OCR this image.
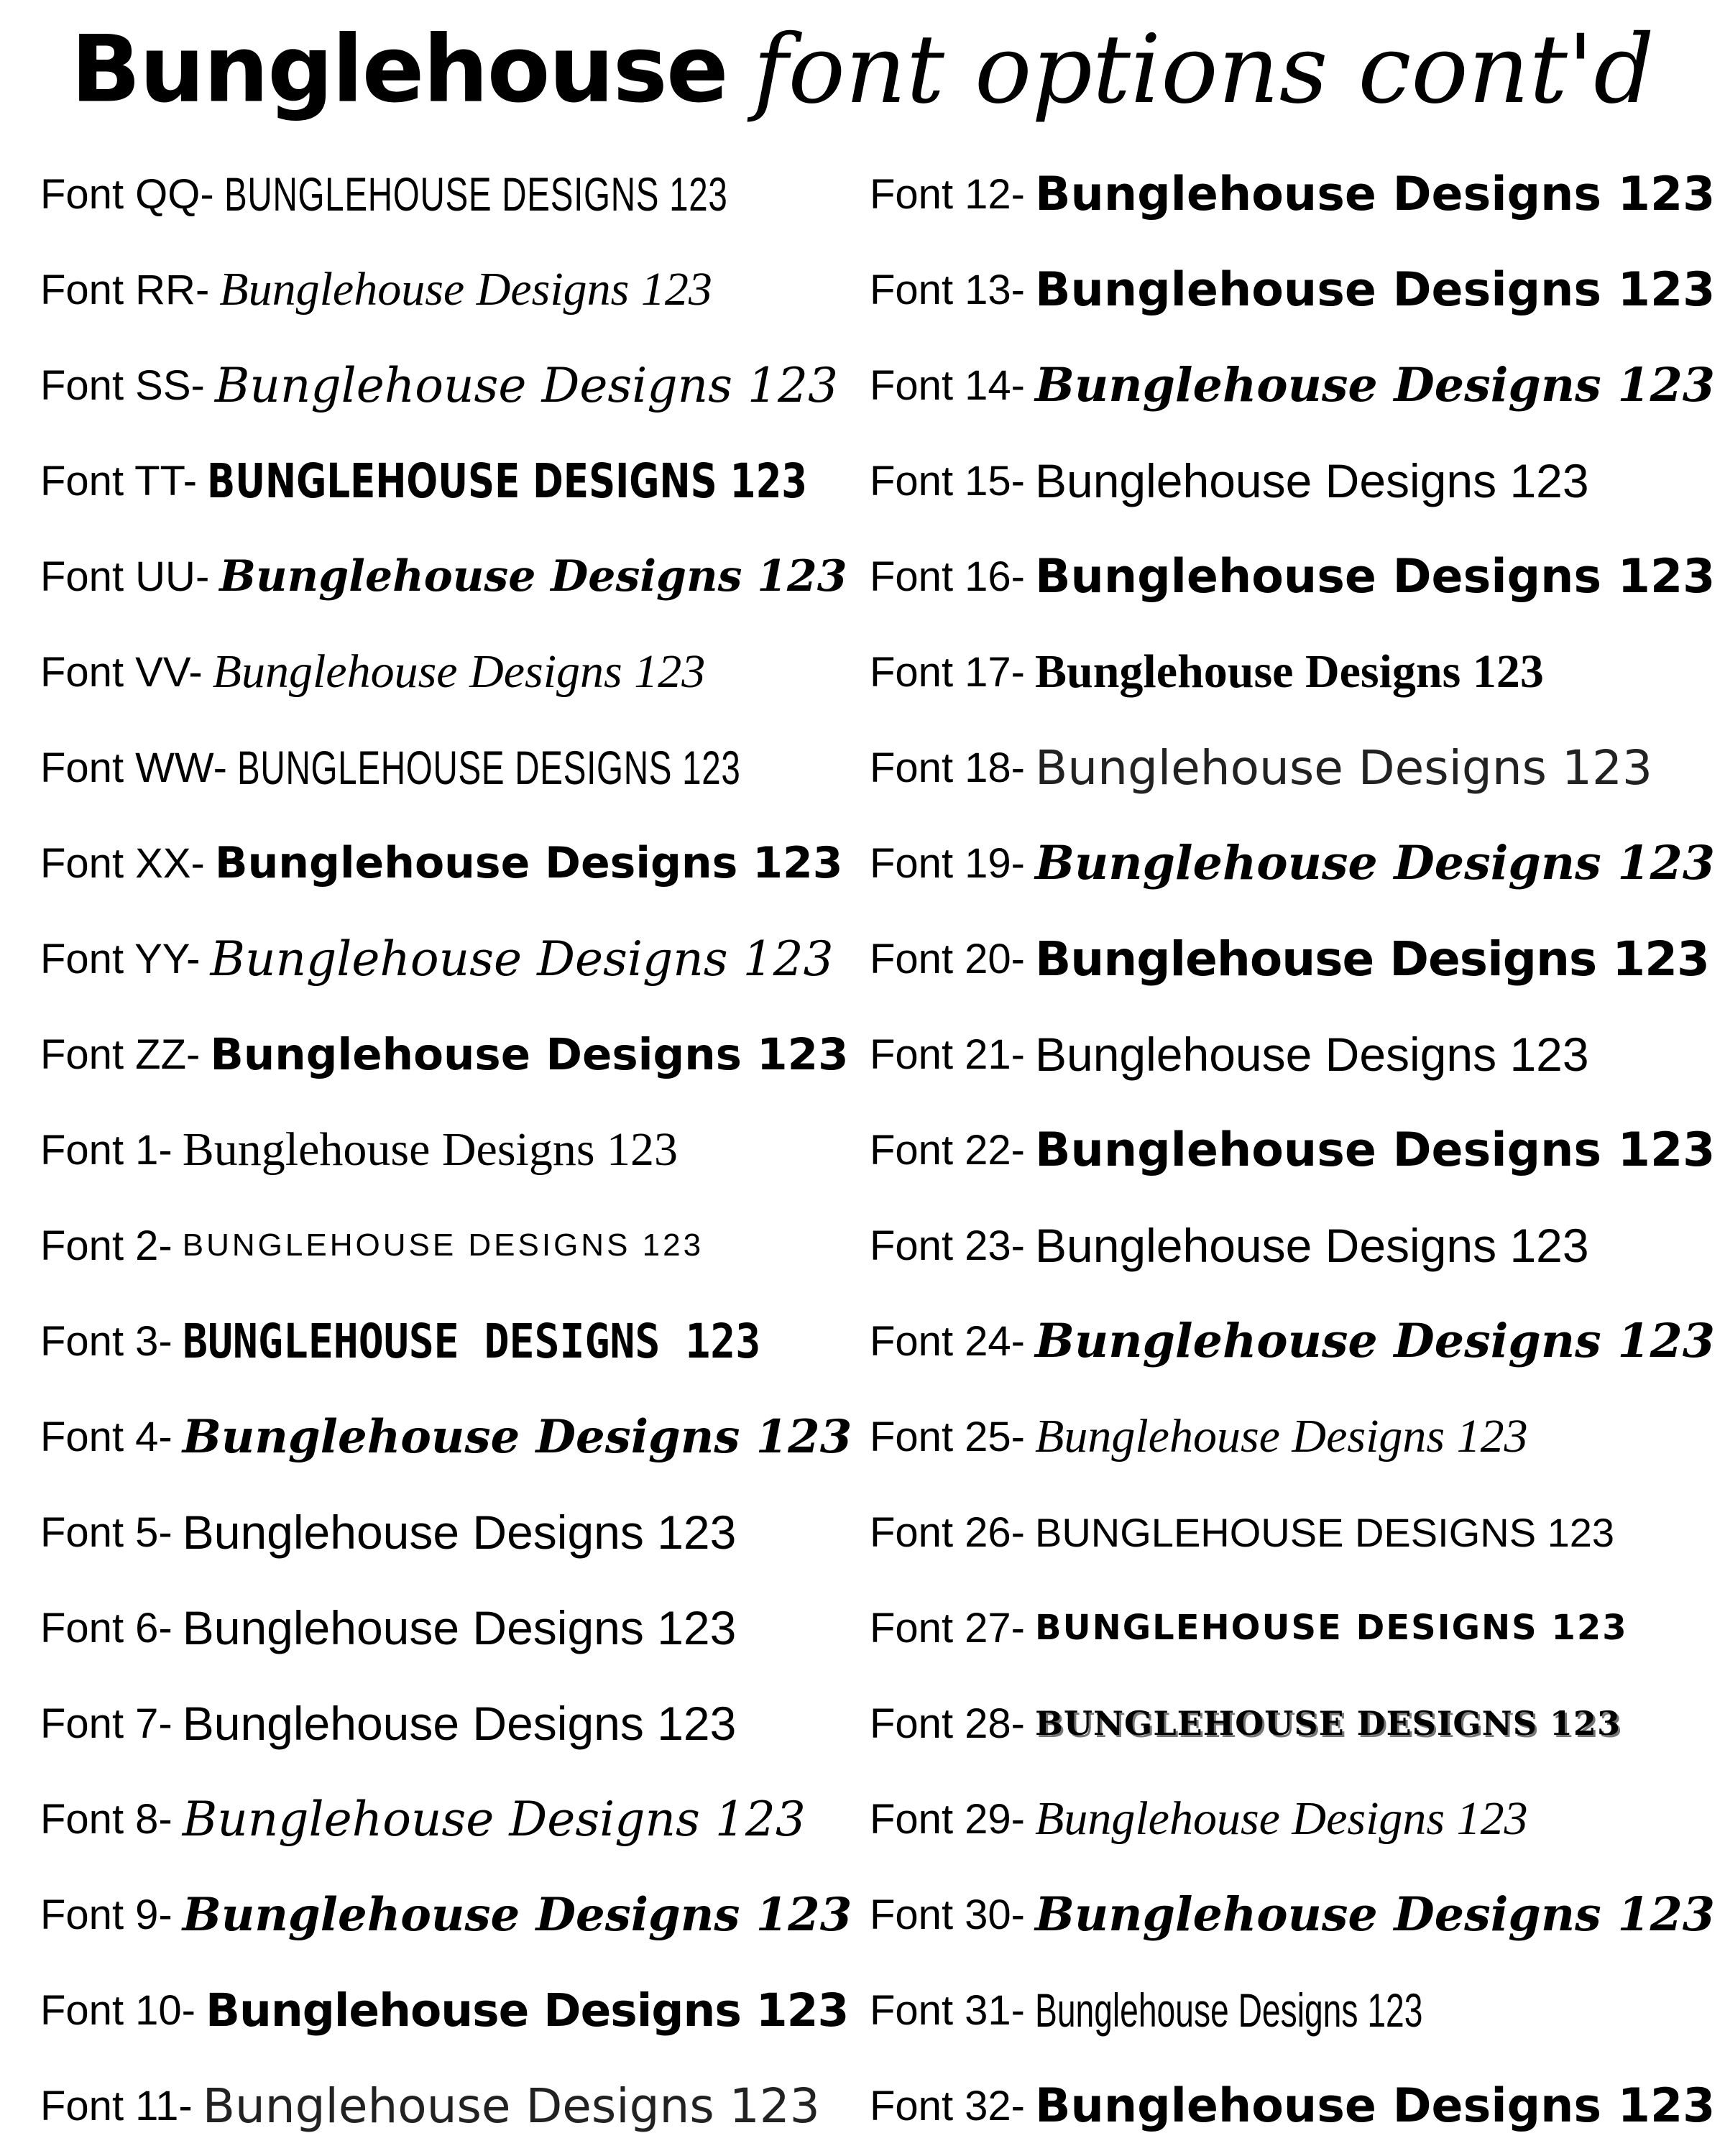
Bunglehouse font options cont'd
Font QQ- BUNGLEHOUSE DESIGNS 123
Font RR- Bunglehouse Designs 123
Font SS- Bunglehouse Designs 123
Font TT- BUNGLEHOUSE DESIGNS 123
Font UU- Bunglehouse Designs 123
Font VV- Bunglehouse Designs 123
Font WW- BUNGLEHOUSE DESIGNS 123
Font XX- Bunglehouse Designs 123
Font YY- Bunglehouse Designs 123
Font ZZ- Bunglehouse Designs 123
Font 1- Bunglehouse Designs 123
Font 2- BUNGLEHOUSE DESIGNS 123
Font 3- BUNGLEHOUSE DESIGNS 123
Font 4- Bunglehouse Designs 123
Font 5- Bunglehouse Designs 123
Font 6- Bunglehouse Designs 123
Font 7- Bunglehouse Designs 123
Font 8- Bunglehouse Designs 123
Font 9- Bunglehouse Designs 123
Font 10- Bunglehouse Designs 123
Font 11- Bunglehouse Designs 123
Font 12- Bunglehouse Designs 123
Font 13- Bunglehouse Designs 123
Font 14- Bunglehouse Designs 123
Font 15- Bunglehouse Designs 123
Font 16- Bunglehouse Designs 123
Font 17- Bunglehouse Designs 123
Font 18- Bunglehouse Designs 123
Font 19- Bunglehouse Designs 123
Font 20- Bunglehouse Designs 123
Font 21- Bunglehouse Designs 123
Font 22- Bunglehouse Designs 123
Font 23- Bunglehouse Designs 123
Font 24- Bunglehouse Designs 123
Font 25- Bunglehouse Designs 123
Font 26- BUNGLEHOUSE DESIGNS 123
Font 27- BUNGLEHOUSE DESIGNS 123
Font 28- BUNGLEHOUSE DESIGNS 123
Font 29- Bunglehouse Designs 123
Font 30- Bunglehouse Designs 123
Font 31- Bunglehouse Designs 123
Font 32- Bunglehouse Designs 123
